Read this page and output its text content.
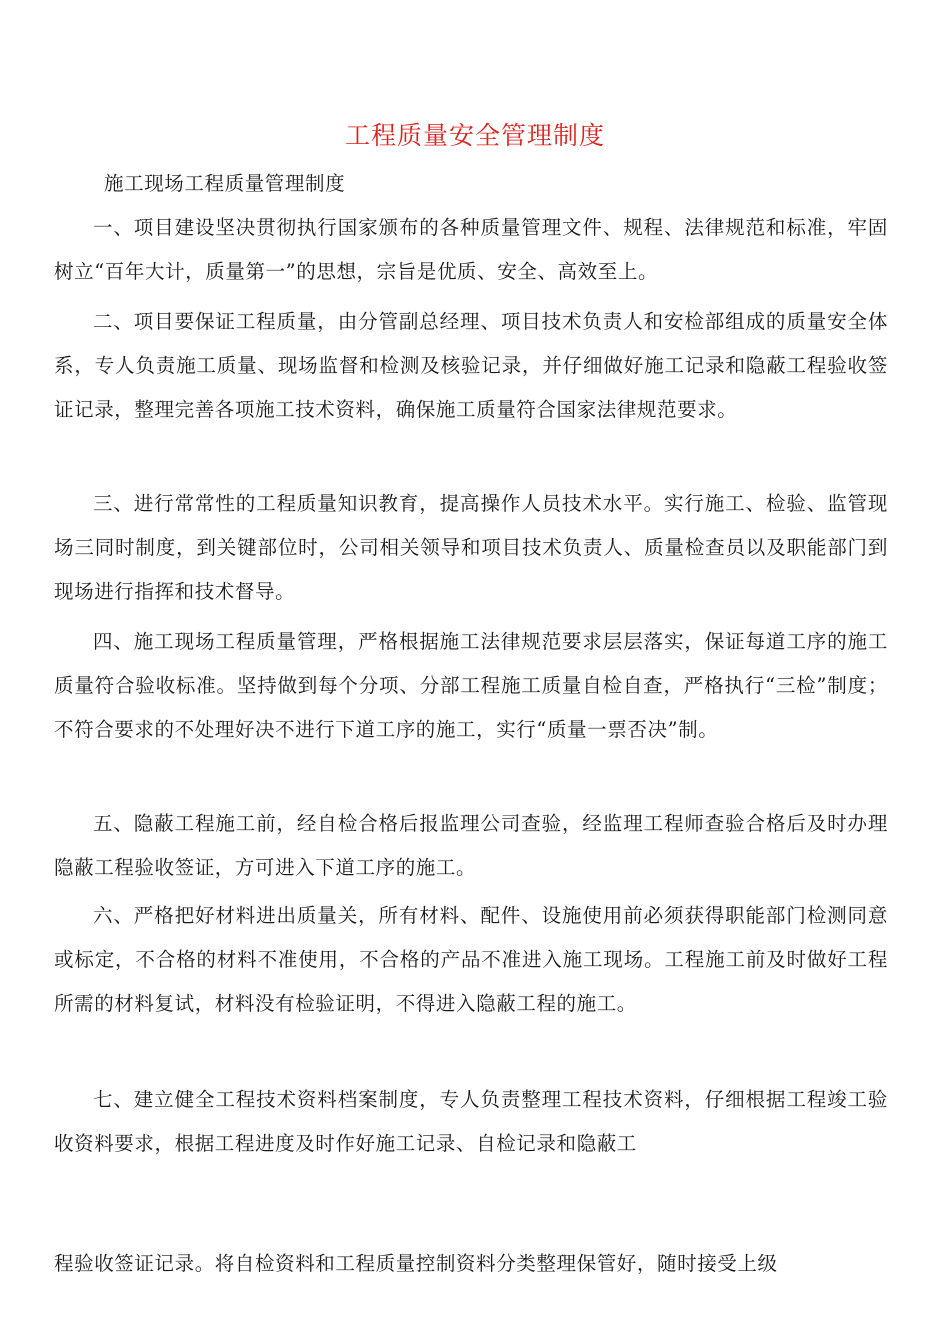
工程质量安全管理制度

施工现场工程质量管理制度

一、项目建设坚决贯彻执行国家颁布的各种质量管理文件、规程、法律规范和标准，牢固树立“百年大计，质量第一”的思想，宗旨是优质、安全、高效至上。

二、项目要保证工程质量，由分管副总经理、项目技术负责人和安检部组成的质量安全体系，专人负责施工质量、现场监督和检测及核验记录，并仔细做好施工记录和隐蔽工程验收签证记录，整理完善各项施工技术资料，确保施工质量符合国家法律规范要求。

三、进行常常性的工程质量知识教育，提高操作人员技术水平。实行施工、检验、监管现场三同时制度，到关键部位时，公司相关领导和项目技术负责人、质量检查员以及职能部门到现场进行指挥和技术督导。

四、施工现场工程质量管理，严格根据施工法律规范要求层层落实，保证每道工序的施工质量符合验收标准。坚持做到每个分项、分部工程施工质量自检自查，严格执行“三检”制度；不符合要求的不处理好决不进行下道工序的施工，实行“质量一票否决”制。

五、隐蔽工程施工前，经自检合格后报监理公司查验，经监理工程师查验合格后及时办理隐蔽工程验收签证，方可进入下道工序的施工。

六、严格把好材料进出质量关，所有材料、配件、设施使用前必须获得职能部门检测同意或标定，不合格的材料不准使用，不合格的产品不准进入施工现场。工程施工前及时做好工程所需的材料复试，材料没有检验证明，不得进入隐蔽工程的施工。

七、建立健全工程技术资料档案制度，专人负责整理工程技术资料，仔细根据工程竣工验收资料要求，根据工程进度及时作好施工记录、自检记录和隐蔽工

程验收签证记录。将自检资料和工程质量控制资料分类整理保管好，随时接受上级
